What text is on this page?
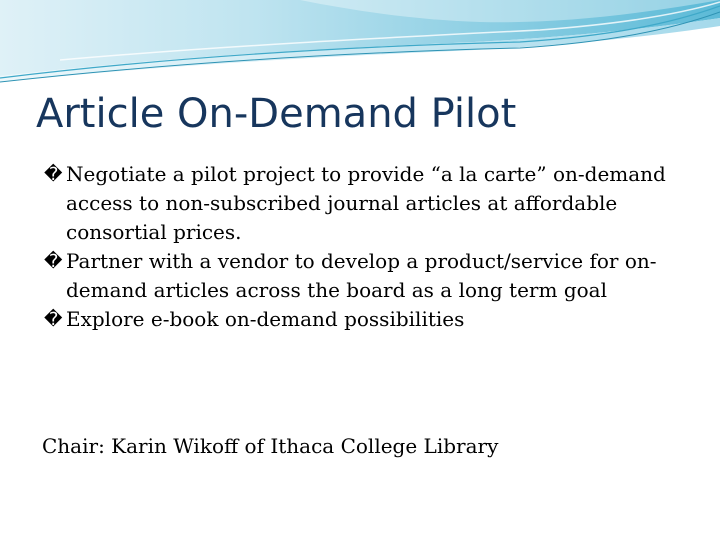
Article On-Demand Pilot
� Negotiate a pilot project to provide “a la carte” on-demand access to non-subscribed journal articles at affordable consortial prices.
� Partner with a vendor to develop a product/service for on-demand articles across the board as a long term goal
� Explore e-book on-demand possibilities
Chair: Karin Wikoff of Ithaca College Library
